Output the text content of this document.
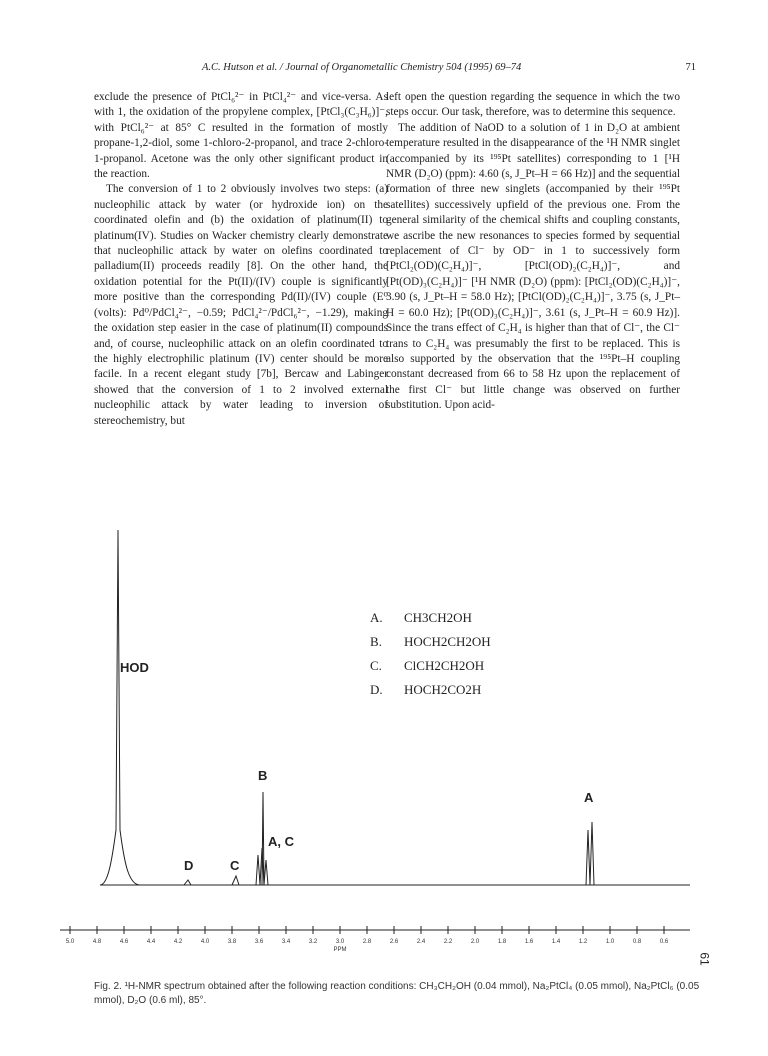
A.C. Hutson et al. / Journal of Organometallic Chemistry 504 (1995) 69–74	71

exclude the presence of PtCl₆²⁻ in PtCl₄²⁻ and vice-versa. As with 1, the oxidation of the propylene complex, [PtCl₃(C₃H₆)]⁻, with PtCl₆²⁻ at 85° C resulted in the formation of mostly propane-1,2-diol, some 1-chloro-2-propanol, and trace 2-chloro-1-propanol. Acetone was the only other significant product in the reaction.

The conversion of 1 to 2 obviously involves two steps: (a) nucleophilic attack by water (or hydroxide ion) on the coordinated olefin and (b) the oxidation of platinum(II) to platinum(IV). Studies on Wacker chemistry clearly demonstrate that nucleophilic attack by water on olefins coordinated to palladium(II) proceeds readily [8]. On the other hand, the oxidation potential for the Pt(II)/(IV) couple is significantly more positive than the corresponding Pd(II)/(IV) couple (E⁰ (volts): Pd⁰/PdCl₄²⁻, −0.59; PdCl₄²⁻/PdCl₆²⁻, −1.29), making the oxidation step easier in the case of platinum(II) compounds and, of course, nucleophilic attack on an olefin coordinated to the highly electrophilic platinum (IV) center should be more facile. In a recent elegant study [7b], Bercaw and Labinger showed that the conversion of 1 to 2 involved external nucleophilic attack by water leading to inversion of stereochemistry, but

left open the question regarding the sequence in which the two steps occur. Our task, therefore, was to determine this sequence.

The addition of NaOD to a solution of 1 in D₂O at ambient temperature resulted in the disappearance of the ¹H NMR singlet (accompanied by its ¹⁹⁵Pt satellites) corresponding to 1 [¹H NMR (D₂O) (ppm): 4.60 (s, J_Pt–H = 66 Hz)] and the sequential formation of three new singlets (accompanied by their ¹⁹⁵Pt satellites) successively upfield of the previous one. From the general similarity of the chemical shifts and coupling constants, we ascribe the new resonances to species formed by sequential replacement of Cl⁻ by OD⁻ in 1 to successively form [PtCl₂(OD)(C₂H₄)]⁻, [PtCl(OD)₂(C₂H₄)]⁻, and [Pt(OD)₃(C₂H₄)]⁻ [¹H NMR (D₂O) (ppm): [PtCl₂(OD)(C₂H₄)]⁻, 3.90 (s, J_Pt–H = 58.0 Hz); [PtCl(OD)₂(C₂H₄)]⁻, 3.75 (s, J_Pt–H = 60.0 Hz); [Pt(OD)₃(C₂H₄)]⁻, 3.61 (s, J_Pt–H = 60.9 Hz)]. Since the trans effect of C₂H₄ is higher than that of Cl⁻, the Cl⁻ trans to C₂H₄ was presumably the first to be replaced. This is also supported by the observation that the ¹⁹⁵Pt–H coupling constant decreased from 66 to 58 Hz upon the replacement of the first Cl⁻ but little change was observed on further substitution. Upon acid-

5.0	4.8	4.6	4.4	4.2	4.0	3.8	3.6	3.4	3.2	3.0	2.8	2.6	2.4	2.2	2.0	1.8	1.6	1.4	1.2	1.0	0.8	0.6
PPM
HOD
B
A, C
D	C
A
A.	CH3CH2OH
B.	HOCH2CH2OH
C.	ClCH2CH2OH
D.	HOCH2CO2H
61
Fig. 2. ¹H-NMR spectrum obtained after the following reaction conditions: CH₃CH₂OH (0.04 mmol), Na₂PtCl₄ (0.05 mmol), Na₂PtCl₆ (0.05 mmol), D₂O (0.6 ml), 85°.
